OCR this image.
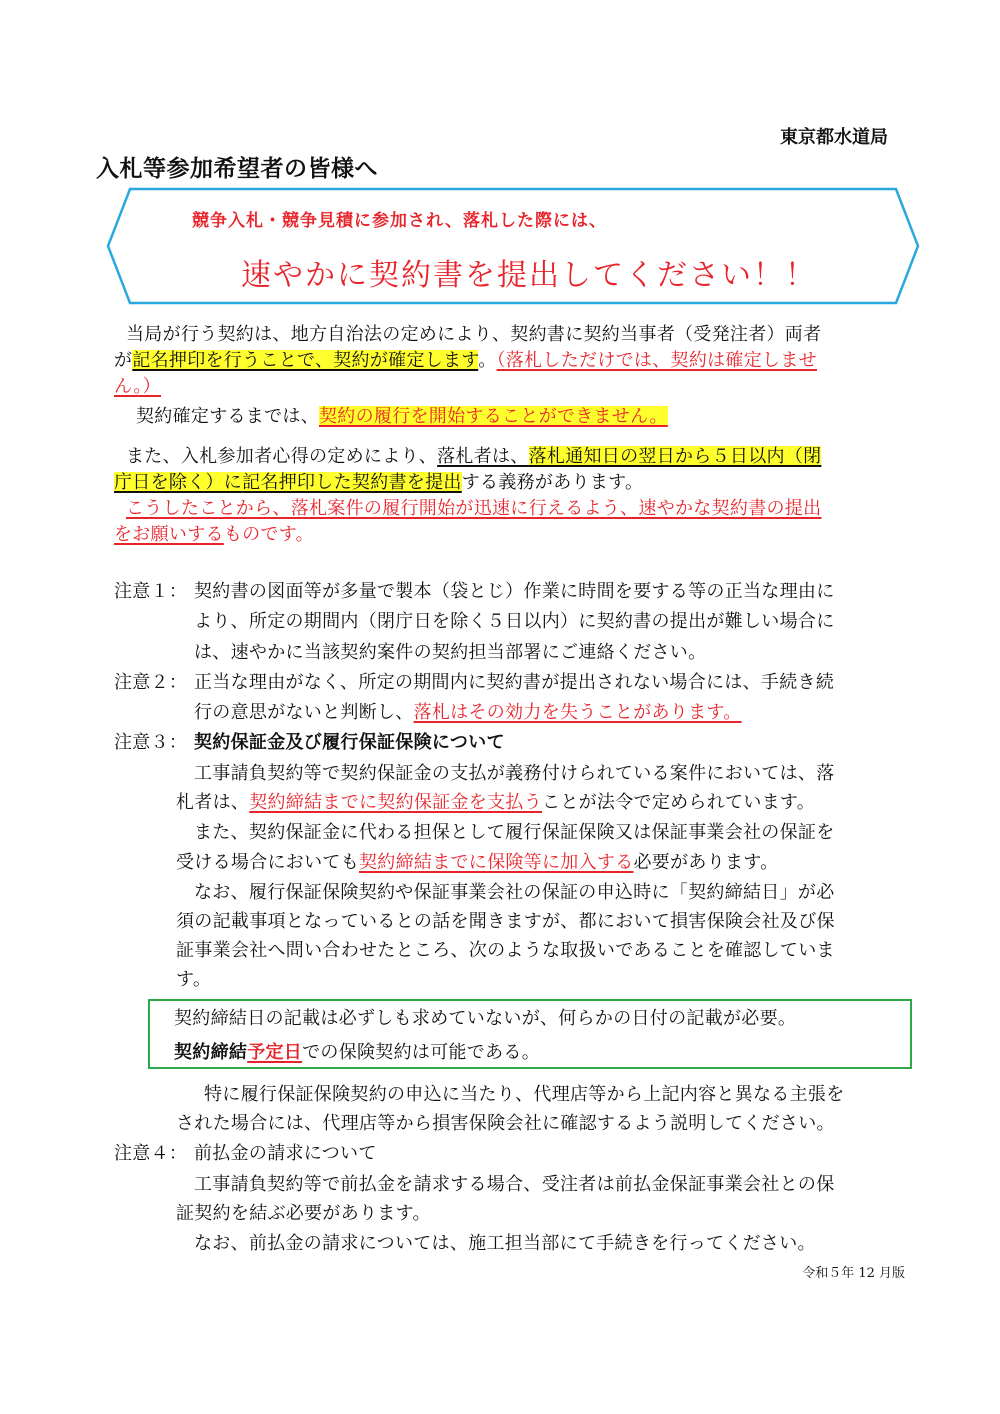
東京都水道局
入札等参加希望者の皆様へ
競争入札・競争見積に参加され、落札した際には、
速やかに契約書を提出してください！！
当局が行う契約は、地方自治法の定めにより、契約書に契約当事者（受発注者）両者
が記名押印を行うことで、契約が確定します。（落札しただけでは、契約は確定しませ
ん。）
契約確定するまでは、契約の履行を開始することができません。
また、入札参加者心得の定めにより、落札者は、落札通知日の翌日から５日以内（閉
庁日を除く）に記名押印した契約書を提出する義務があります。
こうしたことから、落札案件の履行開始が迅速に行えるよう、速やかな契約書の提出
をお願いするものです。
注意１： 契約書の図面等が多量で製本（袋とじ）作業に時間を要する等の正当な理由に
より、所定の期間内（閉庁日を除く５日以内）に契約書の提出が難しい場合に
は、速やかに当該契約案件の契約担当部署にご連絡ください。
注意２： 正当な理由がなく、所定の期間内に契約書が提出されない場合には、手続き続
行の意思がないと判断し、落札はその効力を失うことがあります。
注意３： 契約保証金及び履行保証保険について
工事請負契約等で契約保証金の支払が義務付けられている案件においては、落
札者は、契約締結までに契約保証金を支払うことが法令で定められています。
また、契約保証金に代わる担保として履行保証保険又は保証事業会社の保証を
受ける場合においても契約締結までに保険等に加入する必要があります。
なお、履行保証保険契約や保証事業会社の保証の申込時に「契約締結日」が必
須の記載事項となっているとの話を聞きますが、都において損害保険会社及び保
証事業会社へ問い合わせたところ、次のような取扱いであることを確認していま
す。
契約締結日の記載は必ずしも求めていないが、何らかの日付の記載が必要。
契約締結予定日での保険契約は可能である。
特に履行保証保険契約の申込に当たり、代理店等から上記内容と異なる主張を
された場合には、代理店等から損害保険会社に確認するよう説明してください。
注意４： 前払金の請求について
工事請負契約等で前払金を請求する場合、受注者は前払金保証事業会社との保
証契約を結ぶ必要があります。
なお、前払金の請求については、施工担当部にて手続きを行ってください。
令和５年 12 月版
